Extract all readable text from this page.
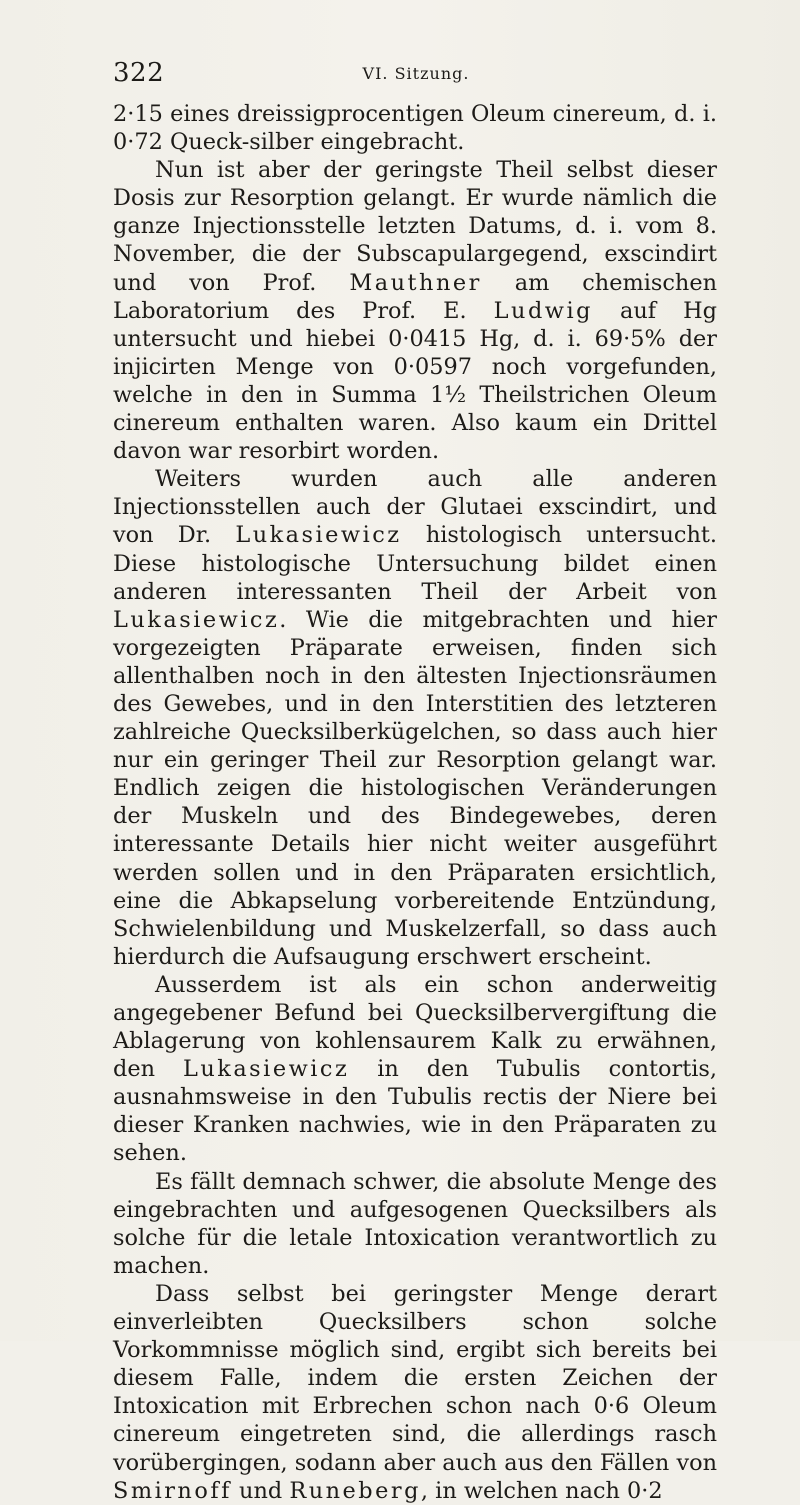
322	VI. Sitzung.

2·15 eines dreissigprocentigen Oleum cinereum, d. i. 0·72 Queck-silber eingebracht.

Nun ist aber der geringste Theil selbst dieser Dosis zur Resorption gelangt. Er wurde nämlich die ganze Injectionsstelle letzten Datums, d. i. vom 8. November, die der Subscapulargegend, exscindirt und von Prof. Mauthner am chemischen Laboratorium des Prof. E. Ludwig auf Hg untersucht und hiebei 0·0415 Hg, d. i. 69·5% der injicirten Menge von 0·0597 noch vorgefunden, welche in den in Summa 1½ Theilstrichen Oleum cinereum enthalten waren. Also kaum ein Drittel davon war resorbirt worden.

Weiters wurden auch alle anderen Injectionsstellen auch der Glutaei exscindirt, und von Dr. Lukasiewicz histologisch untersucht. Diese histologische Untersuchung bildet einen anderen interessanten Theil der Arbeit von Lukasiewicz. Wie die mitgebrachten und hier vorgezeigten Präparate erweisen, finden sich allenthalben noch in den ältesten Injectionsräumen des Gewebes, und in den Interstitien des letzteren zahlreiche Quecksilberkügelchen, so dass auch hier nur ein geringer Theil zur Resorption gelangt war. Endlich zeigen die histologischen Veränderungen der Muskeln und des Bindegewebes, deren interessante Details hier nicht weiter ausgeführt werden sollen und in den Präparaten ersichtlich, eine die Abkapselung vorbereitende Entzündung, Schwielenbildung und Muskelzerfall, so dass auch hierdurch die Aufsaugung erschwert erscheint.

Ausserdem ist als ein schon anderweitig angegebener Befund bei Quecksilbervergiftung die Ablagerung von kohlensaurem Kalk zu erwähnen, den Lukasiewicz in den Tubulis contortis, ausnahmsweise in den Tubulis rectis der Niere bei dieser Kranken nachwies, wie in den Präparaten zu sehen.

Es fällt demnach schwer, die absolute Menge des eingebrachten und aufgesogenen Quecksilbers als solche für die letale Intoxication verantwortlich zu machen.

Dass selbst bei geringster Menge derart einverleibten Quecksilbers schon solche Vorkommnisse möglich sind, ergibt sich bereits bei diesem Falle, indem die ersten Zeichen der Intoxication mit Erbrechen schon nach 0·6 Oleum cinereum eingetreten sind, die allerdings rasch vorübergingen, sodann aber auch aus den Fällen von Smirnoff und Runeberg, in welchen nach 0·2
